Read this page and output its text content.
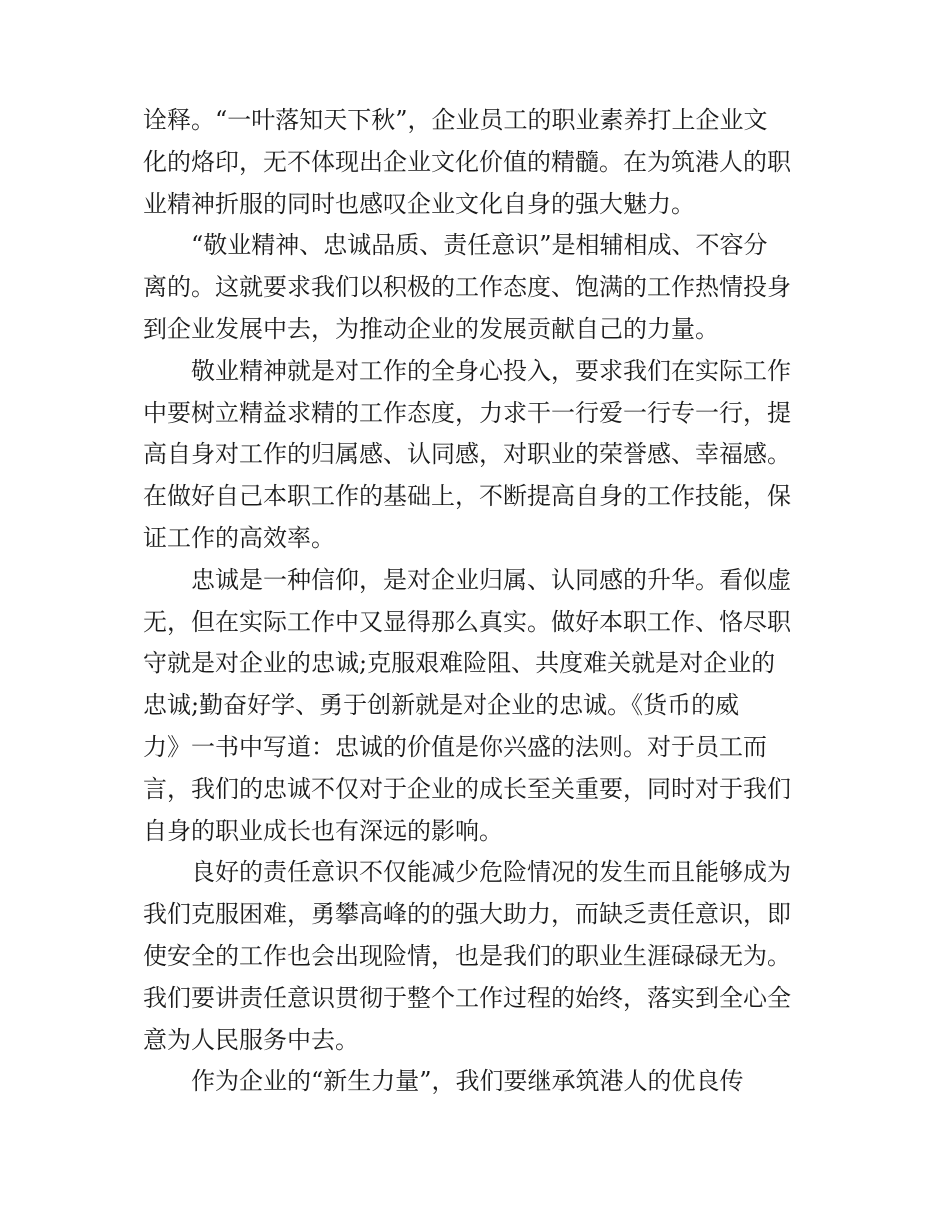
诠释。“一叶落知天下秋”，企业员工的职业素养打上企业文
化的烙印，无不体现出企业文化价值的精髓。在为筑港人的职
业精神折服的同时也感叹企业文化自身的强大魅力。
“敬业精神、忠诚品质、责任意识”是相辅相成、不容分
离的。这就要求我们以积极的工作态度、饱满的工作热情投身
到企业发展中去，为推动企业的发展贡献自己的力量。
敬业精神就是对工作的全身心投入，要求我们在实际工作
中要树立精益求精的工作态度，力求干一行爱一行专一行，提
高自身对工作的归属感、认同感，对职业的荣誉感、幸福感。
在做好自己本职工作的基础上，不断提高自身的工作技能，保
证工作的高效率。
忠诚是一种信仰，是对企业归属、认同感的升华。看似虚
无，但在实际工作中又显得那么真实。做好本职工作、恪尽职
守就是对企业的忠诚;克服艰难险阻、共度难关就是对企业的
忠诚;勤奋好学、勇于创新就是对企业的忠诚。《货币的威
力》一书中写道：忠诚的价值是你兴盛的法则。对于员工而
言，我们的忠诚不仅对于企业的成长至关重要，同时对于我们
自身的职业成长也有深远的影响。
良好的责任意识不仅能减少危险情况的发生而且能够成为
我们克服困难，勇攀高峰的的强大助力，而缺乏责任意识，即
使安全的工作也会出现险情，也是我们的职业生涯碌碌无为。
我们要讲责任意识贯彻于整个工作过程的始终，落实到全心全
意为人民服务中去。
作为企业的“新生力量”，我们要继承筑港人的优良传
